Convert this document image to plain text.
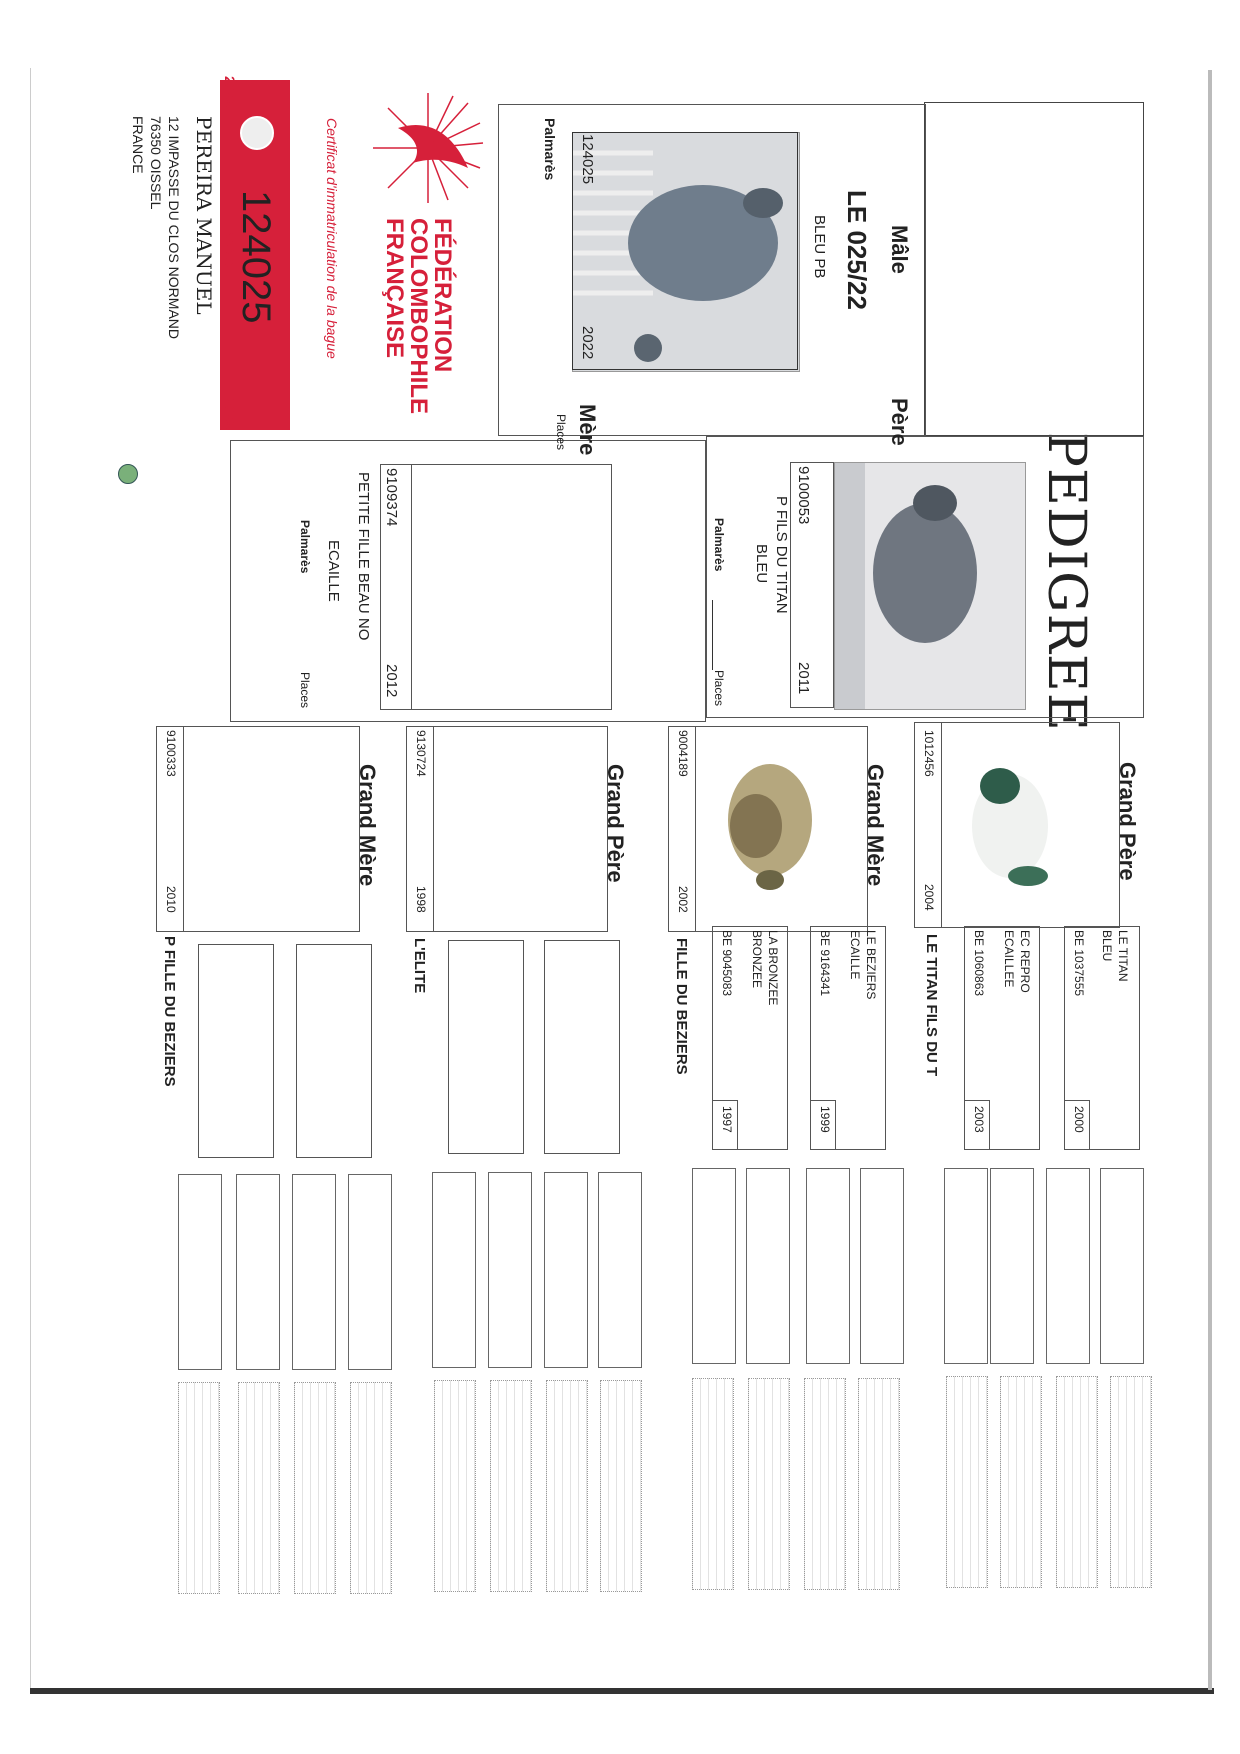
FÉDÉRATION
COLOMBOPHILE
FRANÇAISE
Certificat d'immatriculation de la bague
124025
2022
2022
FRANCE
PEREIRA MANUEL
12 IMPASSE DU CLOS NORMAND
76350 OISSEL
FRANCE
PEDIGREE
Mâle
LE 025/22
BLEU PB
124025
2022
Palmarès
Père
9100053
2011
P FILS DU TITAN
BLEU
Palmarès
Places
Mère
Places
9109374
2012
PETITE FILLE BEAU NO
ECAILLE
Palmarès
Places
Grand Père
1012456
2004
LE TITAN FILS DU T
Grand Mère
9004189
2002
FILLE DU BEZIERS
Grand Père
9130724
1998
L'ELITE
Grand Mère
9100333
2010
P FILLE DU BEZIERS	LE TITAN
BLEU
BE 1037555
2000
EC REPRO
ECAILLEE
BE 1060863
2003
LE BEZIERS
ECAILLE
BE 9164341
1999
LA BRONZEE
BRONZEE
BE 9045083
1997
